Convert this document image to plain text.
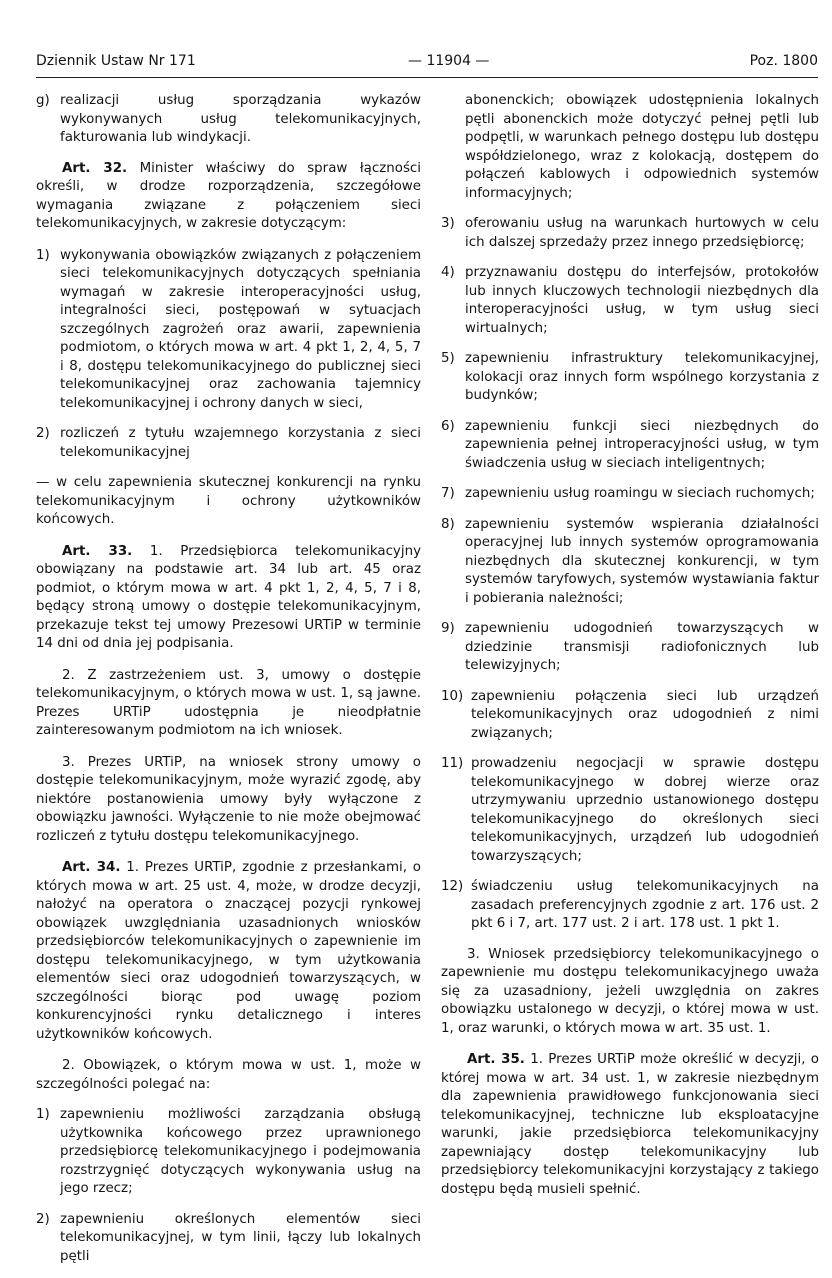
Dziennik Ustaw Nr 171	— 11904 —	Poz. 1800
g) realizacji usług sporządzania wykazów wykonywanych usług telekomunikacyjnych, fakturowania lub windykacji.

Art. 32. Minister właściwy do spraw łączności określi, w drodze rozporządzenia, szczegółowe wymagania związane z połączeniem sieci telekomunikacyjnych, w zakresie dotyczącym:

1) wykonywania obowiązków związanych z połączeniem sieci telekomunikacyjnych dotyczących spełniania wymagań w zakresie interoperacyjności usług, integralności sieci, postępowań w sytuacjach szczególnych zagrożeń oraz awarii, zapewnienia podmiotom, o których mowa w art. 4 pkt 1, 2, 4, 5, 7 i 8, dostępu telekomunikacyjnego do publicznej sieci telekomunikacyjnej oraz zachowania tajemnicy telekomunikacyjnej i ochrony danych w sieci,
2) rozliczeń z tytułu wzajemnego korzystania z sieci telekomunikacyjnej

— w celu zapewnienia skutecznej konkurencji na rynku telekomunikacyjnym i ochrony użytkowników końcowych.

Art. 33. 1. Przedsiębiorca telekomunikacyjny obowiązany na podstawie art. 34 lub art. 45 oraz podmiot, o którym mowa w art. 4 pkt 1, 2, 4, 5, 7 i 8, będący stroną umowy o dostępie telekomunikacyjnym, przekazuje tekst tej umowy Prezesowi URTiP w terminie 14 dni od dnia jej podpisania.

2. Z zastrzeżeniem ust. 3, umowy o dostępie telekomunikacyjnym, o których mowa w ust. 1, są jawne. Prezes URTiP udostępnia je nieodpłatnie zainteresowanym podmiotom na ich wniosek.

3. Prezes URTiP, na wniosek strony umowy o dostępie telekomunikacyjnym, może wyrazić zgodę, aby niektóre postanowienia umowy były wyłączone z obowiązku jawności. Wyłączenie to nie może obejmować rozliczeń z tytułu dostępu telekomunikacyjnego.

Art. 34. 1. Prezes URTiP, zgodnie z przesłankami, o których mowa w art. 25 ust. 4, może, w drodze decyzji, nałożyć na operatora o znaczącej pozycji rynkowej obowiązek uwzględniania uzasadnionych wniosków przedsiębiorców telekomunikacyjnych o zapewnienie im dostępu telekomunikacyjnego, w tym użytkowania elementów sieci oraz udogodnień towarzyszących, w szczególności biorąc pod uwagę poziom konkurencyjności rynku detalicznego i interes użytkowników końcowych.

2. Obowiązek, o którym mowa w ust. 1, może w szczególności polegać na:

1) zapewnieniu możliwości zarządzania obsługą użytkownika końcowego przez uprawnionego przedsiębiorcę telekomunikacyjnego i podejmowania rozstrzygnięć dotyczących wykonywania usług na jego rzecz;
2) zapewnieniu określonych elementów sieci telekomunikacyjnej, w tym linii, łączy lub lokalnych pętli

abonenckich; obowiązek udostępnienia lokalnych pętli abonenckich może dotyczyć pełnej pętli lub podpętli, w warunkach pełnego dostępu lub dostępu współdzielonego, wraz z kolokacją, dostępem do połączeń kablowych i odpowiednich systemów informacyjnych;

3) oferowaniu usług na warunkach hurtowych w celu ich dalszej sprzedaży przez innego przedsiębiorcę;
4) przyznawaniu dostępu do interfejsów, protokołów lub innych kluczowych technologii niezbędnych dla interoperacyjności usług, w tym usług sieci wirtualnych;
5) zapewnieniu infrastruktury telekomunikacyjnej, kolokacji oraz innych form wspólnego korzystania z budynków;
6) zapewnieniu funkcji sieci niezbędnych do zapewnienia pełnej introperacyjności usług, w tym świadczenia usług w sieciach inteligentnych;
7) zapewnieniu usług roamingu w sieciach ruchomych;
8) zapewnieniu systemów wspierania działalności operacyjnej lub innych systemów oprogramowania niezbędnych dla skutecznej konkurencji, w tym systemów taryfowych, systemów wystawiania faktur i pobierania należności;
9) zapewnieniu udogodnień towarzyszących w dziedzinie transmisji radiofonicznych lub telewizyjnych;
10) zapewnieniu połączenia sieci lub urządzeń telekomunikacyjnych oraz udogodnień z nimi związanych;
11) prowadzeniu negocjacji w sprawie dostępu telekomunikacyjnego w dobrej wierze oraz utrzymywaniu uprzednio ustanowionego dostępu telekomunikacyjnego do określonych sieci telekomunikacyjnych, urządzeń lub udogodnień towarzyszących;
12) świadczeniu usług telekomunikacyjnych na zasadach preferencyjnych zgodnie z art. 176 ust. 2 pkt 6 i 7, art. 177 ust. 2 i art. 178 ust. 1 pkt 1.

3. Wniosek przedsiębiorcy telekomunikacyjnego o zapewnienie mu dostępu telekomunikacyjnego uważa się za uzasadniony, jeżeli uwzględnia on zakres obowiązku ustalonego w decyzji, o której mowa w ust. 1, oraz warunki, o których mowa w art. 35 ust. 1.

Art. 35. 1. Prezes URTiP może określić w decyzji, o której mowa w art. 34 ust. 1, w zakresie niezbędnym dla zapewnienia prawidłowego funkcjonowania sieci telekomunikacyjnej, techniczne lub eksploatacyjne warunki, jakie przedsiębiorca telekomunikacyjny zapewniający dostęp telekomunikacyjny lub przedsiębiorcy telekomunikacyjni korzystający z takiego dostępu będą musieli spełnić.
